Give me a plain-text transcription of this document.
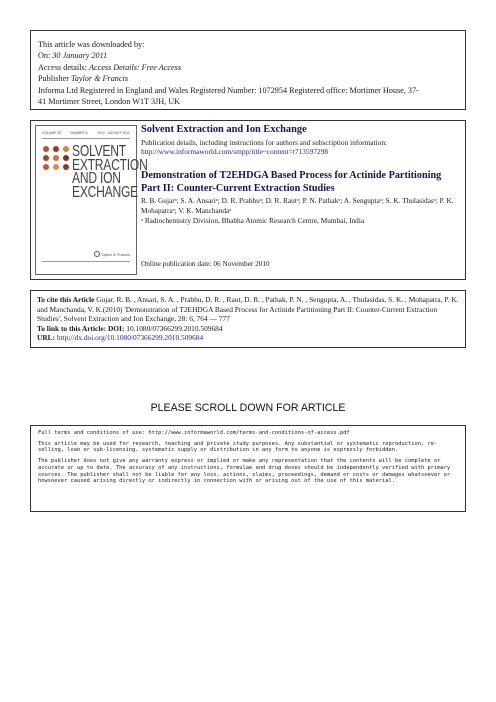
This article was downloaded by:
On: 30 January 2011
Access details: Access Details: Free Access
Publisher Taylor & Francis
Informa Ltd Registered in England and Wales Registered Number: 1072954 Registered office: Mortimer House, 37-
41 Mortimer Street, London W1T 3JH, UK
VOLUME 28	NUMBER 6	2010 · AUGUST 2010
SOLVENT
EXTRACTION
AND ION
EXCHANGE
Taylor & Francis
Solvent Extraction and Ion Exchange
Publication details, including instructions for authors and subscription information:
http://www.informaworld.com/smpp/title~content=t713597298
Demonstration of T2EHDGA Based Process for Actinide Partitioning Part II: Counter-Current Extraction Studies
R. B. Gujarᵃ; S. A. Ansariᵃ; D. R. Prabhuᵃ; D. R. Rautᵃ; P. N. Pathakᵃ; A. Senguptaᵃ; S. K. Thulasidasᵃ; P. K. Mohapatraᵃ; V. K. Manchandaᵃ
ᵃ Radiochemistry Division, Bhabha Atomic Research Centre, Mumbai, India
Online publication date: 06 November 2010
To cite this Article Gujar, R. B. , Ansari, S. A. , Prabhu, D. R. , Raut, D. R. , Pathak, P. N. , Sengupta, A. , Thulasidas, S. K. , Mohapatra, P. K. and Manchanda, V. K.(2010) 'Demonstration of T2EHDGA Based Process for Actinide Partitioning Part II: Counter-Current Extraction Studies', Solvent Extraction and Ion Exchange, 28: 6, 764 — 777
To link to this Article: DOI: 10.1080/07366299.2010.509684
URL: http://dx.doi.org/10.1080/07366299.2010.509684
PLEASE SCROLL DOWN FOR ARTICLE

Full terms and conditions of use: http://www.informaworld.com/terms-and-conditions-of-access.pdf

This article may be used for research, teaching and private study purposes. Any substantial or systematic reproduction, re-selling, loan or sub-licensing, systematic supply or distribution in any form to anyone is expressly forbidden.

The publisher does not give any warranty express or implied or make any representation that the contents will be complete or accurate or up to date. The accuracy of any instructions, formulae and drug doses should be independently verified with primary sources. The publisher shall not be liable for any loss, actions, claims, proceedings, demand or costs or damages whatsoever or howsoever caused arising directly or indirectly in connection with or arising out of the use of this material.
